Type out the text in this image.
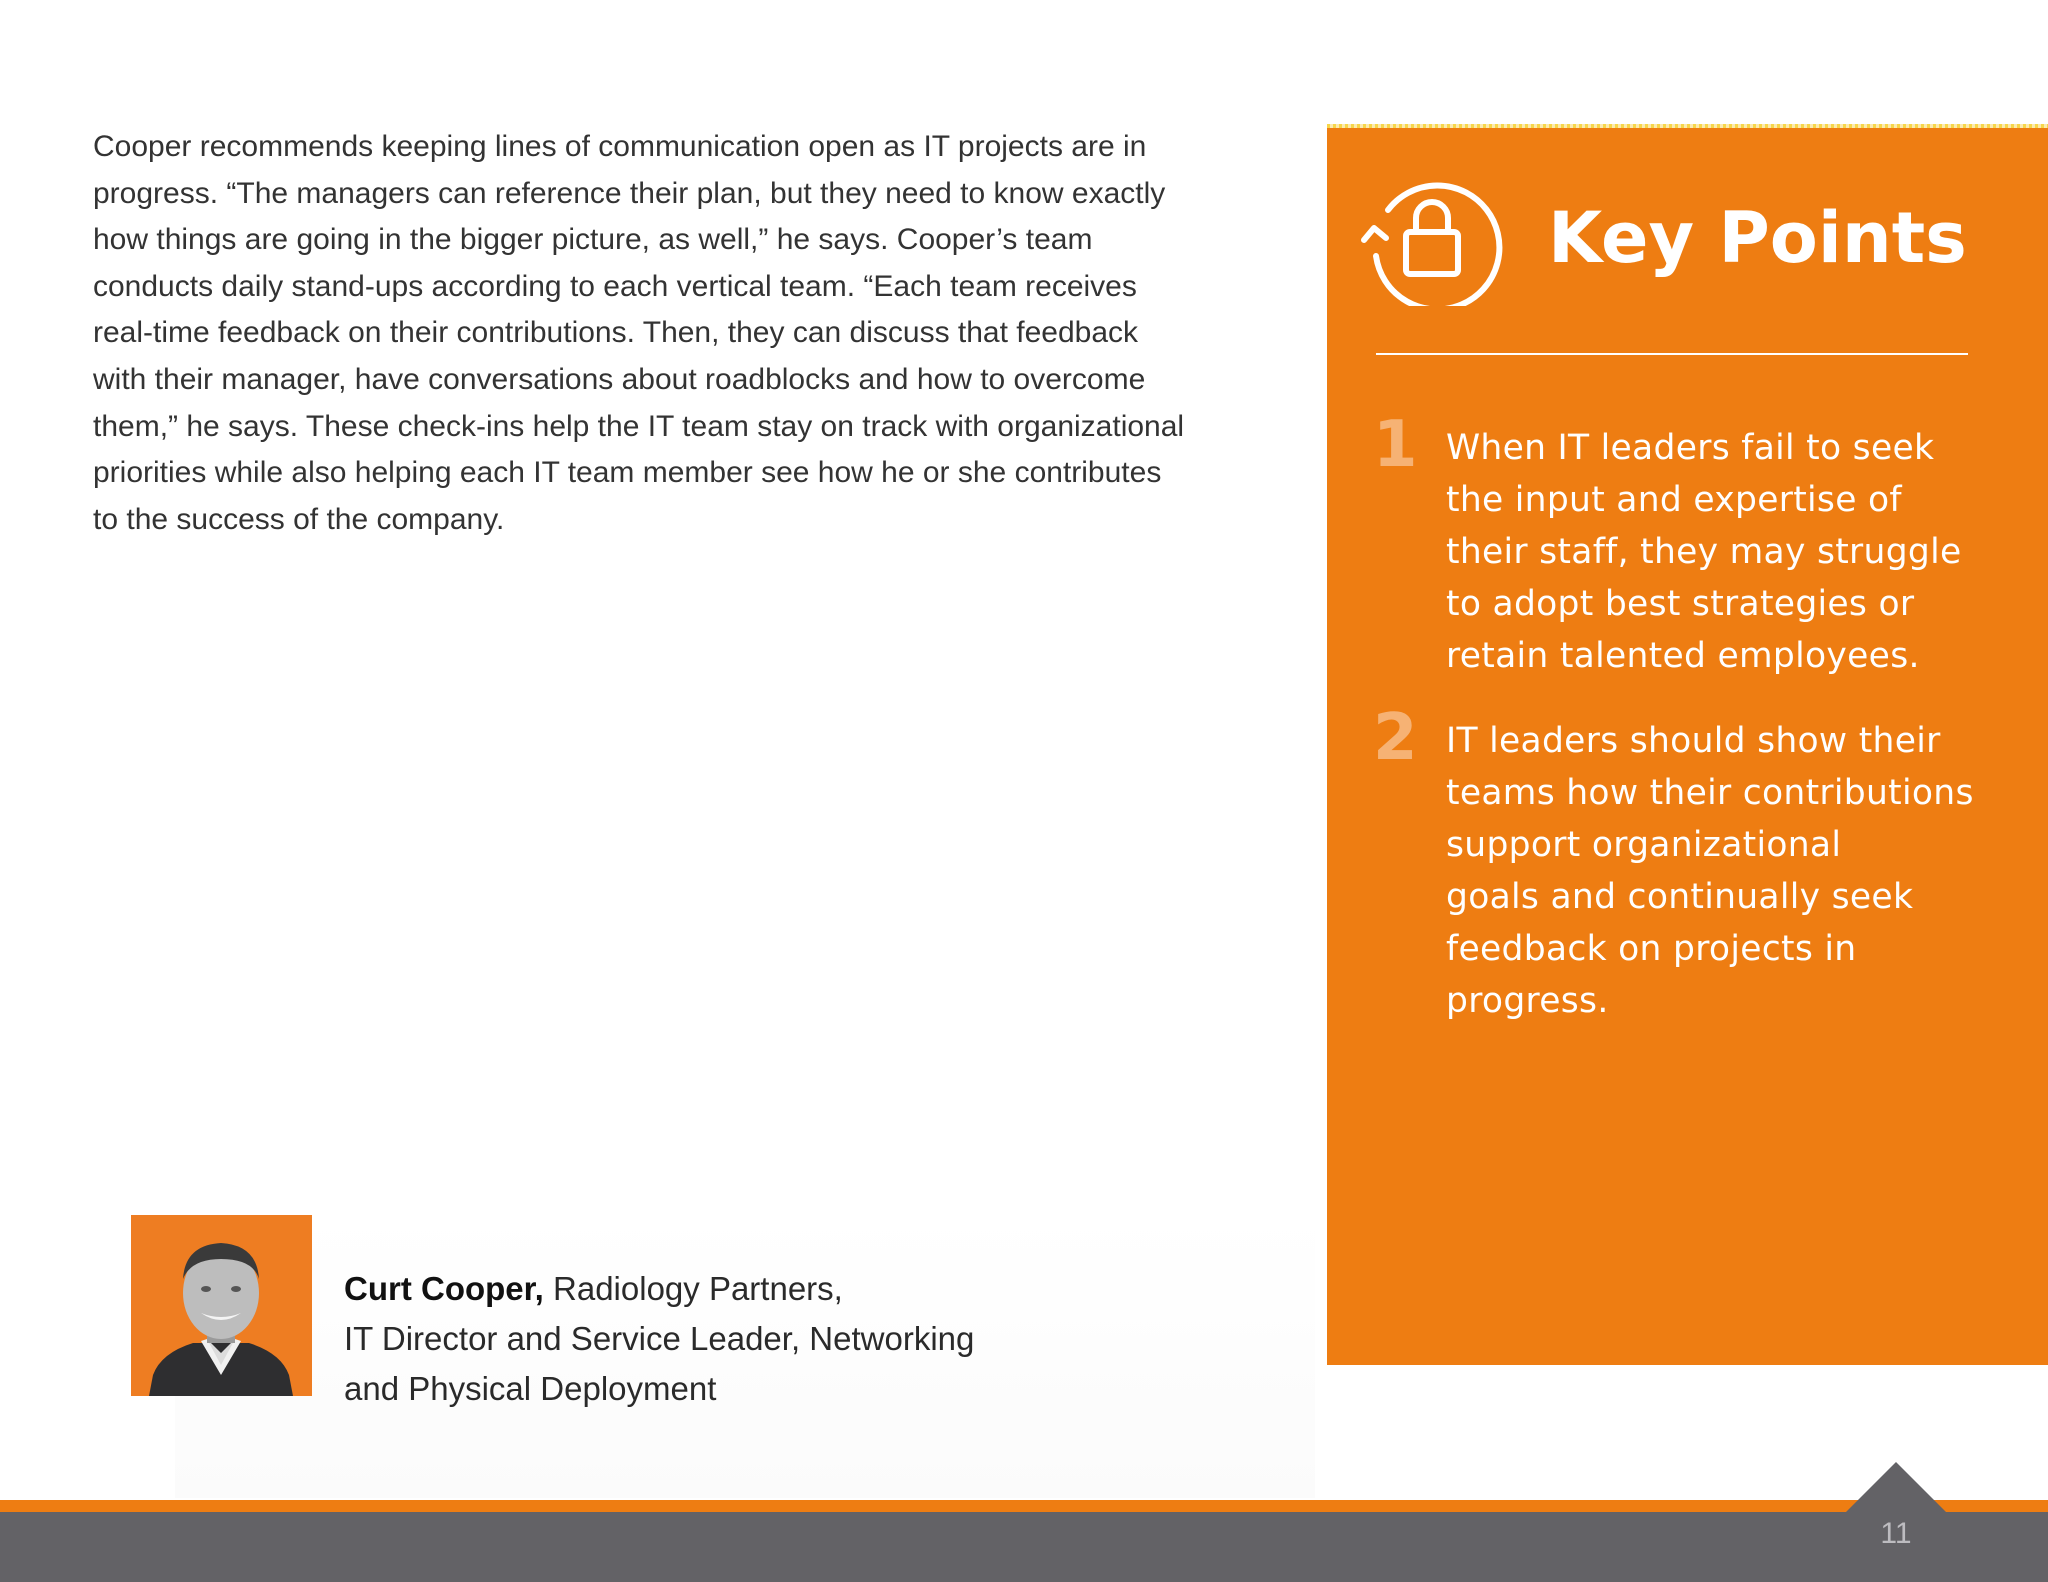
Cooper recommends keeping lines of communication open as IT projects are in
progress. “The managers can reference their plan, but they need to know exactly
how things are going in the bigger picture, as well,” he says. Cooper’s team
conducts daily stand-ups according to each vertical team. “Each team receives
real-time feedback on their contributions. Then, they can discuss that feedback
with their manager, have conversations about roadblocks and how to overcome
them,” he says. These check-ins help the IT team stay on track with organizational
priorities while also helping each IT team member see how he or she contributes
to the success of the company.

Key Points
1 When IT leaders fail to seek
the input and expertise of
their staff, they may struggle
to adopt best strategies or
retain talented employees.
2 IT leaders should show their
teams how their contributions
support organizational
goals and continually seek
feedback on projects in
progress.

Curt Cooper, Radiology Partners,
IT Director and Service Leader, Networking
and Physical Deployment

11
